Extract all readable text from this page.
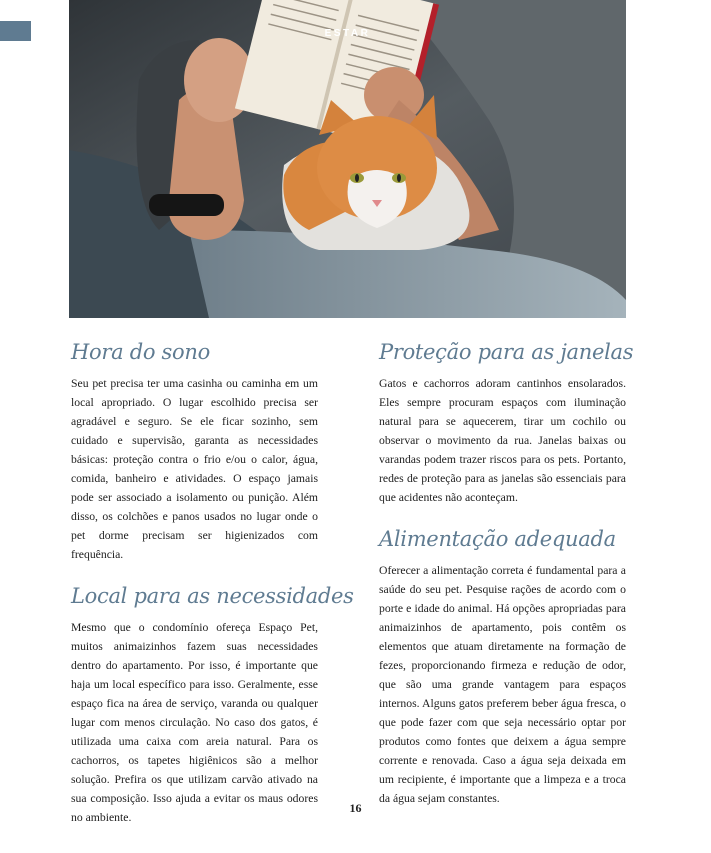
ESTAR
Hora do sono

Seu pet precisa ter uma casinha ou caminha em um local apropriado. O lugar escolhido precisa ser agradável e seguro. Se ele ficar sozinho, sem cuidado e supervisão, garanta as necessidades básicas: proteção contra o frio e/ou o calor, água, comida, banheiro e atividades. O espaço jamais pode ser associado a isolamento ou punição. Além disso, os colchões e panos usados no lugar onde o pet dorme precisam ser higienizados com frequência.

Local para as necessidades

Mesmo que o condomínio ofereça Espaço Pet, muitos animaizinhos fazem suas necessidades dentro do apartamento. Por isso, é importante que haja um local específico para isso. Geralmente, esse espaço fica na área de serviço, varanda ou qualquer lugar com menos circulação. No caso dos gatos, é utilizada uma caixa com areia natural. Para os cachorros, os tapetes higiênicos são a melhor solução. Prefira os que utilizam carvão ativado na sua composição. Isso ajuda a evitar os maus odores no ambiente.

Proteção para as janelas

Gatos e cachorros adoram cantinhos ensolarados. Eles sempre procuram espaços com iluminação natural para se aquecerem, tirar um cochilo ou observar o movimento da rua. Janelas baixas ou varandas podem trazer riscos para os pets. Portanto, redes de proteção para as janelas são essenciais para que acidentes não aconteçam.

Alimentação adequada

Oferecer a alimentação correta é fundamental para a saúde do seu pet. Pesquise rações de acordo com o porte e idade do animal. Há opções apropriadas para animaizinhos de apartamento, pois contêm os elementos que atuam diretamente na formação de fezes, proporcionando firmeza e redução de odor, que são uma grande vantagem para espaços internos. Alguns gatos preferem beber água fresca, o que pode fazer com que seja necessário optar por produtos como fontes que deixem a água sempre corrente e renovada. Caso a água seja deixada em um recipiente, é importante que a limpeza e a troca da água sejam constantes.

16
